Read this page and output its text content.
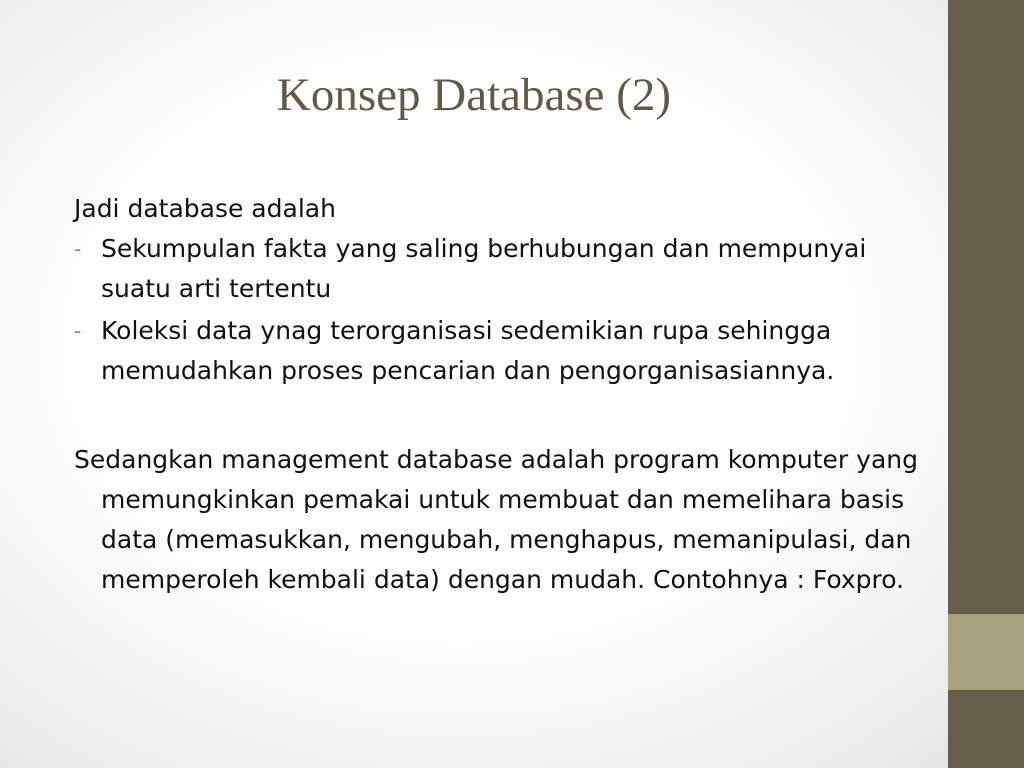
Konsep Database (2)

Jadi database adalah

- Sekumpulan fakta yang saling berhubungan dan mempunyai suatu arti tertentu
- Koleksi data ynag terorganisasi sedemikian rupa sehingga memudahkan proses pencarian dan pengorganisasiannya.

Sedangkan management database adalah program komputer yang memungkinkan pemakai untuk membuat dan memelihara basis data (memasukkan, mengubah, menghapus, memanipulasi, dan memperoleh kembali data) dengan mudah. Contohnya : Foxpro.
